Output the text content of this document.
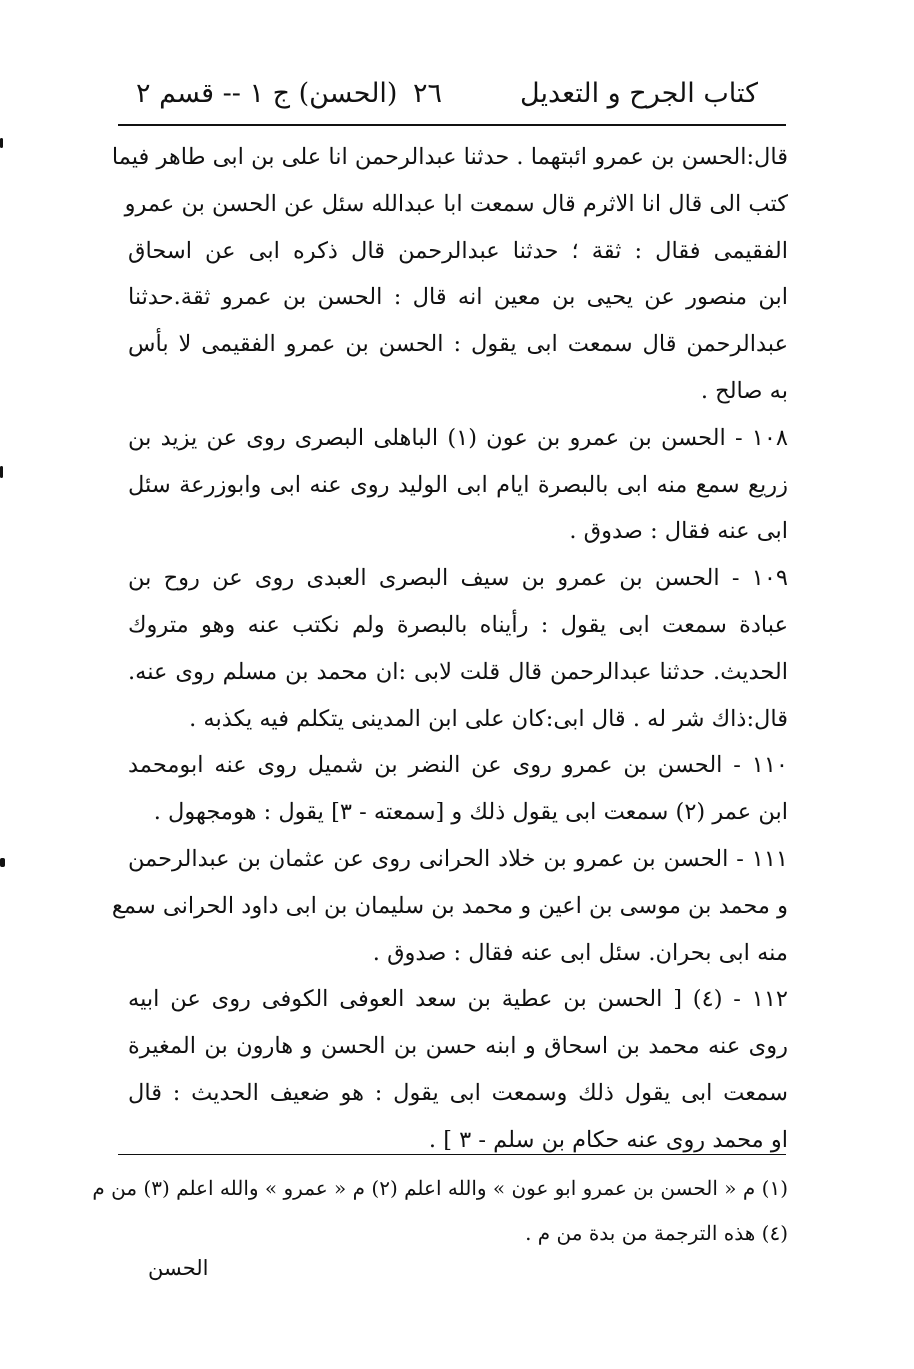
كتاب الجرح و التعديل
٢٦
(الحسن) ج ١ -- قسم ٢
قال:الحسن بن عمرو ائبتهما . حدثنا عبدالرحمن انا على بن ابى طاهر فيما
كتب الى قال انا الاثرم قال سمعت ابا عبدالله سئل عن الحسن بن عمرو
الفقيمى فقال : ثقة ؛ حدثنا عبدالرحمن قال ذكره ابى عن اسحاق
ابن منصور عن يحيى بن معين انه قال : الحسن بن عمرو ثقة.حدثنا
عبدالرحمن قال سمعت ابى يقول : الحسن بن عمرو الفقيمى لا بأس
به صالح .
١٠٨ - الحسن بن عمرو بن عون (١) الباهلى البصرى روى عن يزيد بن
زريع سمع منه ابى بالبصرة ايام ابى الوليد روى عنه ابى وابوزرعة سئل
ابى عنه فقال : صدوق .
١٠٩ - الحسن بن عمرو بن سيف البصرى العبدى روى عن روح بن
عبادة سمعت ابى يقول : رأيناه بالبصرة ولم نكتب عنه وهو متروك
الحديث. حدثنا عبدالرحمن قال قلت لابى :ان محمد بن مسلم روى عنه.
قال:ذاك شر له . قال ابى:كان على ابن المدينى يتكلم فيه يكذبه .
١١٠ - الحسن بن عمرو روى عن النضر بن شميل روى عنه ابومحمد
ابن عمر (٢) سمعت ابى يقول ذلك و [سمعته - ٣] يقول : هومجهول .
١١١ - الحسن بن عمرو بن خلاد الحرانى روى عن عثمان بن عبدالرحمن
و محمد بن موسى بن اعين و محمد بن سليمان بن ابى داود الحرانى سمع
منه ابى بحران. سئل ابى عنه فقال : صدوق .
١١٢ - (٤) [ الحسن بن عطية بن سعد العوفى الكوفى روى عن ابيه
روى عنه محمد بن اسحاق و ابنه حسن بن الحسن و هارون بن المغيرة
سمعت ابى يقول ذلك وسمعت ابى يقول : هو ضعيف الحديث : قال
او محمد روى عنه حكام بن سلم - ٣ ] .
(١) م « الحسن بن عمرو ابو عون » والله اعلم (٢) م « عمرو » والله اعلم (٣) من م
(٤) هذه الترجمة من بدة من م .
الحسن
